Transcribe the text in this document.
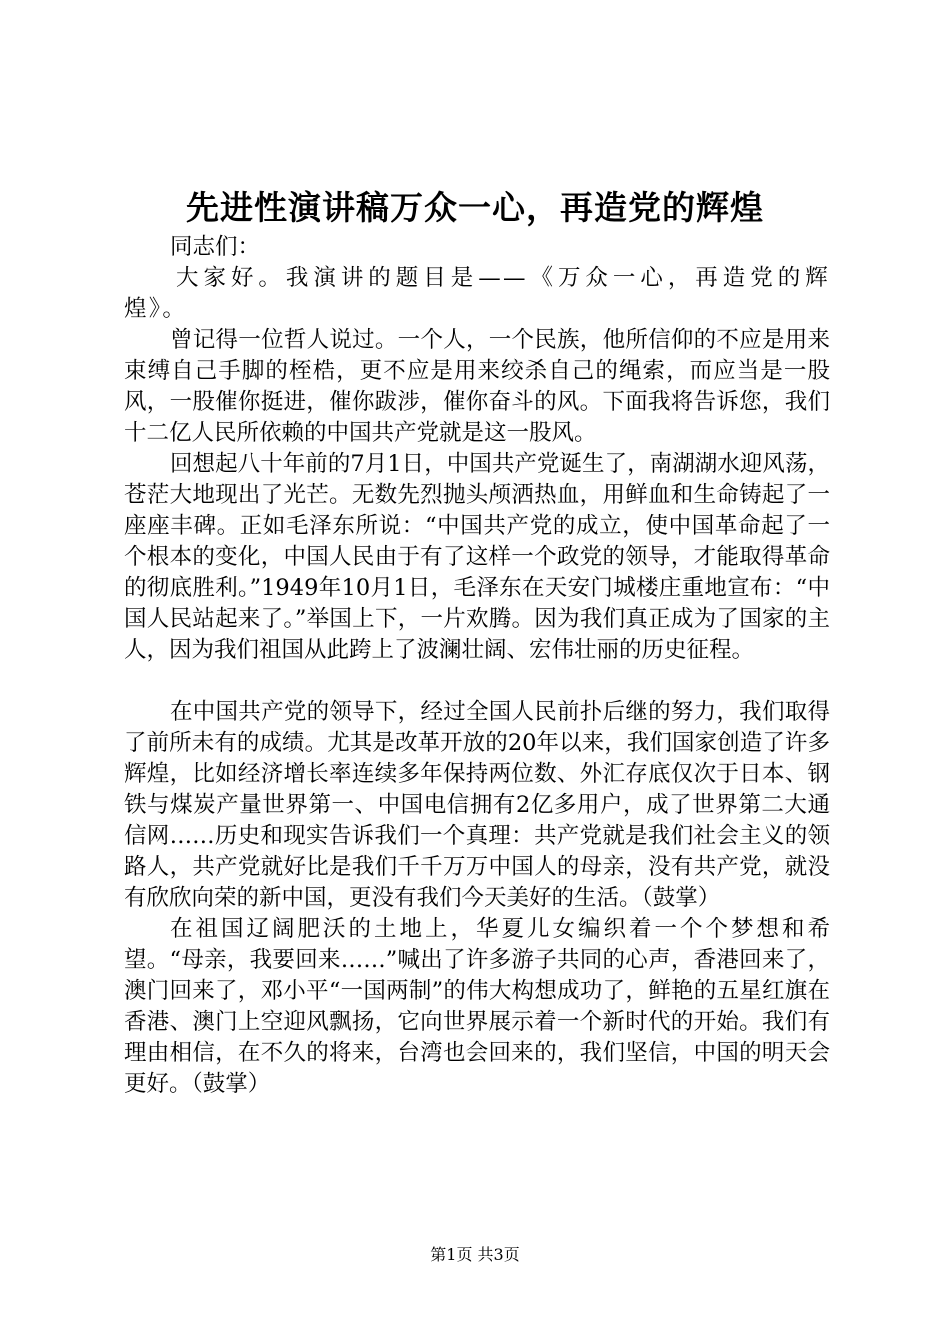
先进性演讲稿万众一心，再造党的辉煌

同志们：

大家好。我演讲的题目是——《万众一心，再造党的辉煌》。

曾记得一位哲人说过。一个人，一个民族，他所信仰的不应是用来束缚自己手脚的桎梏，更不应是用来绞杀自己的绳索，而应当是一股风，一股催你挺进，催你跋涉，催你奋斗的风。下面我将告诉您，我们十二亿人民所依赖的中国共产党就是这一股风。

回想起八十年前的7月1日，中国共产党诞生了，南湖湖水迎风荡，苍茫大地现出了光芒。无数先烈抛头颅洒热血，用鲜血和生命铸起了一座座丰碑。正如毛泽东所说：“中国共产党的成立，使中国革命起了一个根本的变化，中国人民由于有了这样一个政党的领导，才能取得革命的彻底胜利。”1949年10月1日，毛泽东在天安门城楼庄重地宣布：“中国人民站起来了。”举国上下，一片欢腾。因为我们真正成为了国家的主人，因为我们祖国从此跨上了波澜壮阔、宏伟壮丽的历史征程。

在中国共产党的领导下，经过全国人民前扑后继的努力，我们取得了前所未有的成绩。尤其是改革开放的20年以来，我们国家创造了许多辉煌，比如经济增长率连续多年保持两位数、外汇存底仅次于日本、钢铁与煤炭产量世界第一、中国电信拥有2亿多用户，成了世界第二大通信网……历史和现实告诉我们一个真理：共产党就是我们社会主义的领路人，共产党就好比是我们千千万万中国人的母亲，没有共产党，就没有欣欣向荣的新中国，更没有我们今天美好的生活。（鼓掌）

在祖国辽阔肥沃的土地上，华夏儿女编织着一个个梦想和希望。“母亲，我要回来……”喊出了许多游子共同的心声，香港回来了，澳门回来了，邓小平“一国两制”的伟大构想成功了，鲜艳的五星红旗在香港、澳门上空迎风飘扬，它向世界展示着一个新时代的开始。我们有理由相信，在不久的将来，台湾也会回来的，我们坚信，中国的明天会更好。（鼓掌）

第1页 共3页
